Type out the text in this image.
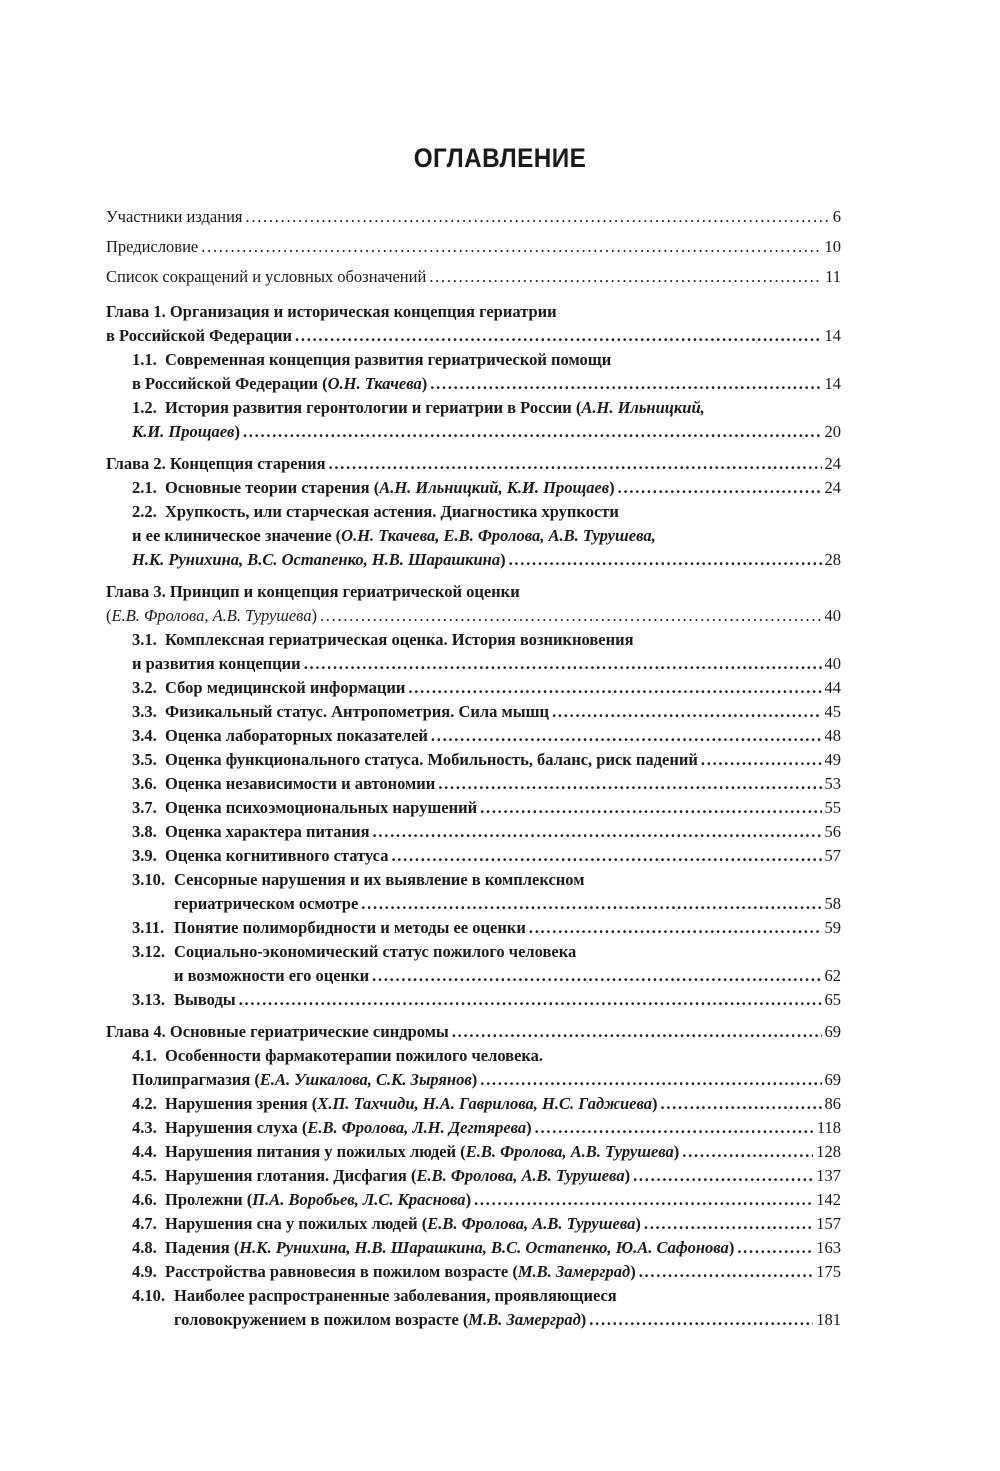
ОГЛАВЛЕНИЕ
Участники издания . . .	6
Предисловие . . .	10
Список сокращений и условных обозначений . . .	11
Глава 1. Организация и историческая концепция гериатрии
в Российской Федерации . . .	14
1.1. Современная концепция развития гериатрической помощи
в Российской Федерации (О.Н. Ткачева) . . .	14
1.2. История развития геронтологии и гериатрии в России (А.Н. Ильницкий,
К.И. Прощаев) . . .	20
Глава 2. Концепция старения . . .	24
2.1. Основные теории старения (А.Н. Ильницкий, К.И. Прощаев) . . .	24
2.2. Хрупкость, или старческая астения. Диагностика хрупкости
и ее клиническое значение (О.Н. Ткачева, Е.В. Фролова, А.В. Турушева,
Н.К. Рунихина, В.С. Остапенко, Н.В. Шарашкина) . . .	28
Глава 3. Принцип и концепция гериатрической оценки
(Е.В. Фролова, А.В. Турушева) . . .	40
3.1. Комплексная гериатрическая оценка. История возникновения
и развития концепции . . .	40
3.2. Сбор медицинской информации . . .	44
3.3. Физикальный статус. Антропометрия. Сила мышц . . .	45
3.4. Оценка лабораторных показателей . . .	48
3.5. Оценка функционального статуса. Мобильность, баланс, риск падений . . .	49
3.6. Оценка независимости и автономии . . .	53
3.7. Оценка психоэмоциональных нарушений . . .	55
3.8. Оценка характера питания . . .	56
3.9. Оценка когнитивного статуса . . .	57
3.10. Сенсорные нарушения и их выявление в комплексном
гериатрическом осмотре . . .	58
3.11. Понятие полиморбидности и методы ее оценки . . .	59
3.12. Социально-экономический статус пожилого человека
и возможности его оценки . . .	62
3.13. Выводы . . .	65
Глава 4. Основные гериатрические синдромы . . .	69
4.1. Особенности фармакотерапии пожилого человека.
Полипрагмазия (Е.А. Ушкалова, С.К. Зырянов) . . .	69
4.2. Нарушения зрения (Х.П. Тахчиди, Н.А. Гаврилова, Н.С. Гаджиева) . . .	86
4.3. Нарушения слуха (Е.В. Фролова, Л.Н. Дегтярева) . . .	118
4.4. Нарушения питания у пожилых людей (Е.В. Фролова, А.В. Турушева) . . .	128
4.5. Нарушения глотания. Дисфагия (Е.В. Фролова, А.В. Турушева) . . .	137
4.6. Пролежни (П.А. Воробьев, Л.С. Краснова) . . .	142
4.7. Нарушения сна у пожилых людей (Е.В. Фролова, А.В. Турушева) . . .	157
4.8. Падения (Н.К. Рунихина, Н.В. Шарашкина, В.С. Остапенко, Ю.А. Сафонова) . . .	163
4.9. Расстройства равновесия в пожилом возрасте (М.В. Замерград) . . .	175
4.10. Наиболее распространенные заболевания, проявляющиеся
головокружением в пожилом возрасте (М.В. Замерград) . . .	181
